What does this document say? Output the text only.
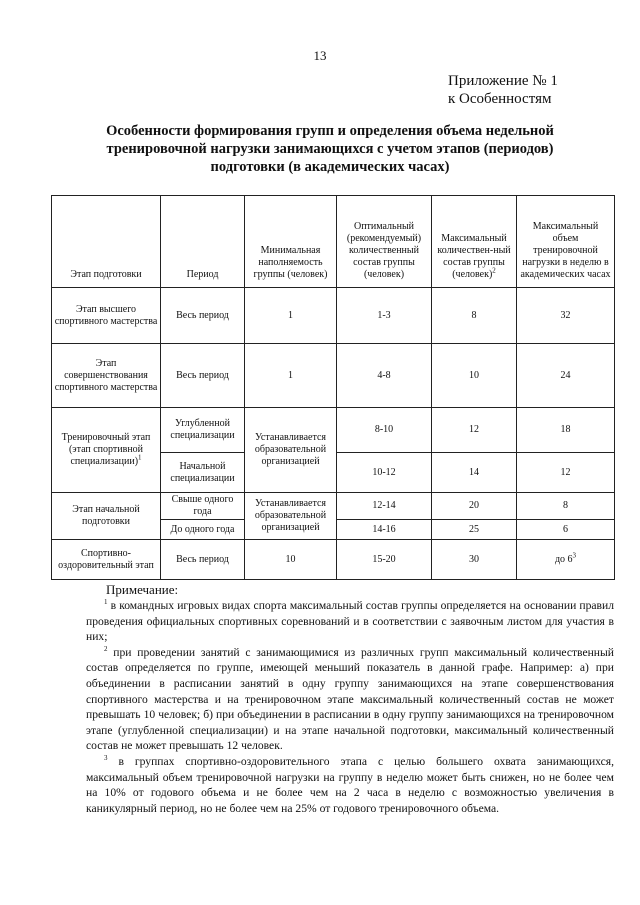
13
Приложение № 1
к Особенностям
Особенности формирования групп и определения объема недельной
тренировочной нагрузки занимающихся с учетом этапов (периодов)
подготовки (в академических часах)
Этап подготовки	Период	Минимальная наполняемость группы (человек)	Оптимальный (рекомендуемый) количественный состав группы (человек)	Максимальный количествен-ный состав группы (человек)$^2$	Максимальный объем тренировочной нагрузки в неделю в академических часах
Этап высшего спортивного мастерства	Весь период	1	1-3	8	32
Этап совершенствования спортивного мастерства	Весь период	1	4-8	10	24
Тренировочный этап (этап спортивной специализации)$^1$	Углубленной специализации	Устанавливается образовательной организацией	8-10	12	18
	Начальной специализации		10-12	14	12
Этап начальной подготовки	Свыше одного года	Устанавливается образовательной организацией	12-14	20	8
	До одного года		14-16	25	6
Спортивно-оздоровительный этап	Весь период	10	15-20	30	до $6^3$
Примечание:

$^1$ в командных игровых видах спорта максимальный состав группы определяется на основании правил проведения официальных спортивных соревнований и в соответствии с заявочным листом для участия в них;

$^2$ при проведении занятий с занимающимися из различных групп максимальный количественный состав определяется по группе, имеющей меньший показатель в данной графе. Например: а) при объединении в расписании занятий в одну группу занимающихся на этапе совершенствования спортивного мастерства и на тренировочном этапе максимальный количественный состав не может превышать 10 человек; б) при объединении в расписании в одну группу занимающихся на тренировочном этапе (углубленной специализации) и на этапе начальной подготовки, максимальный количественный состав не может превышать 12 человек.

$^3$ в группах спортивно-оздоровительного этапа с целью большего охвата занимающихся, максимальный объем тренировочной нагрузки на группу в неделю может быть снижен, но не более чем на 10% от годового объема и не более чем на 2 часа в неделю с возможностью увеличения в каникулярный период, но не более чем на 25% от годового тренировочного объема.
